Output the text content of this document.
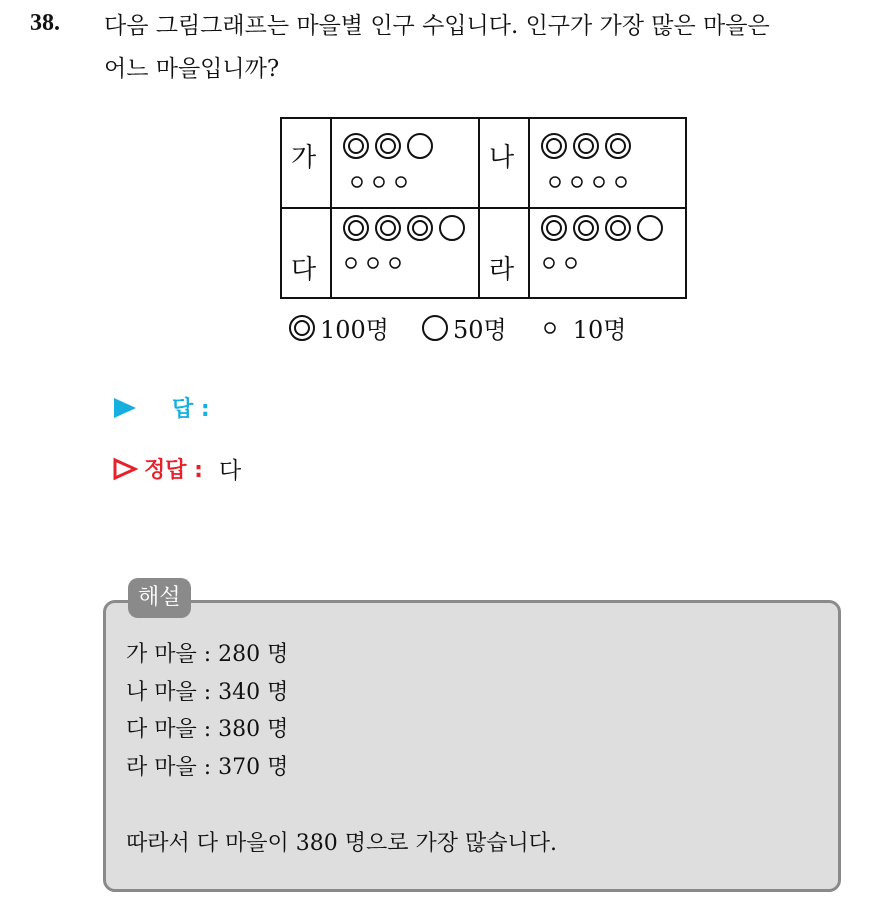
38. 다음 그림그래프는 마을별 인구 수입니다. 인구가 가장 많은 마을은
어느 마을입니까?
가		나

다		라

100명	50명	10명
답 :
정답 : 다
해설
가 마을 : 280 명
나 마을 : 340 명
다 마을 : 380 명
라 마을 : 370 명
따라서 다 마을이 380 명으로 가장 많습니다.
